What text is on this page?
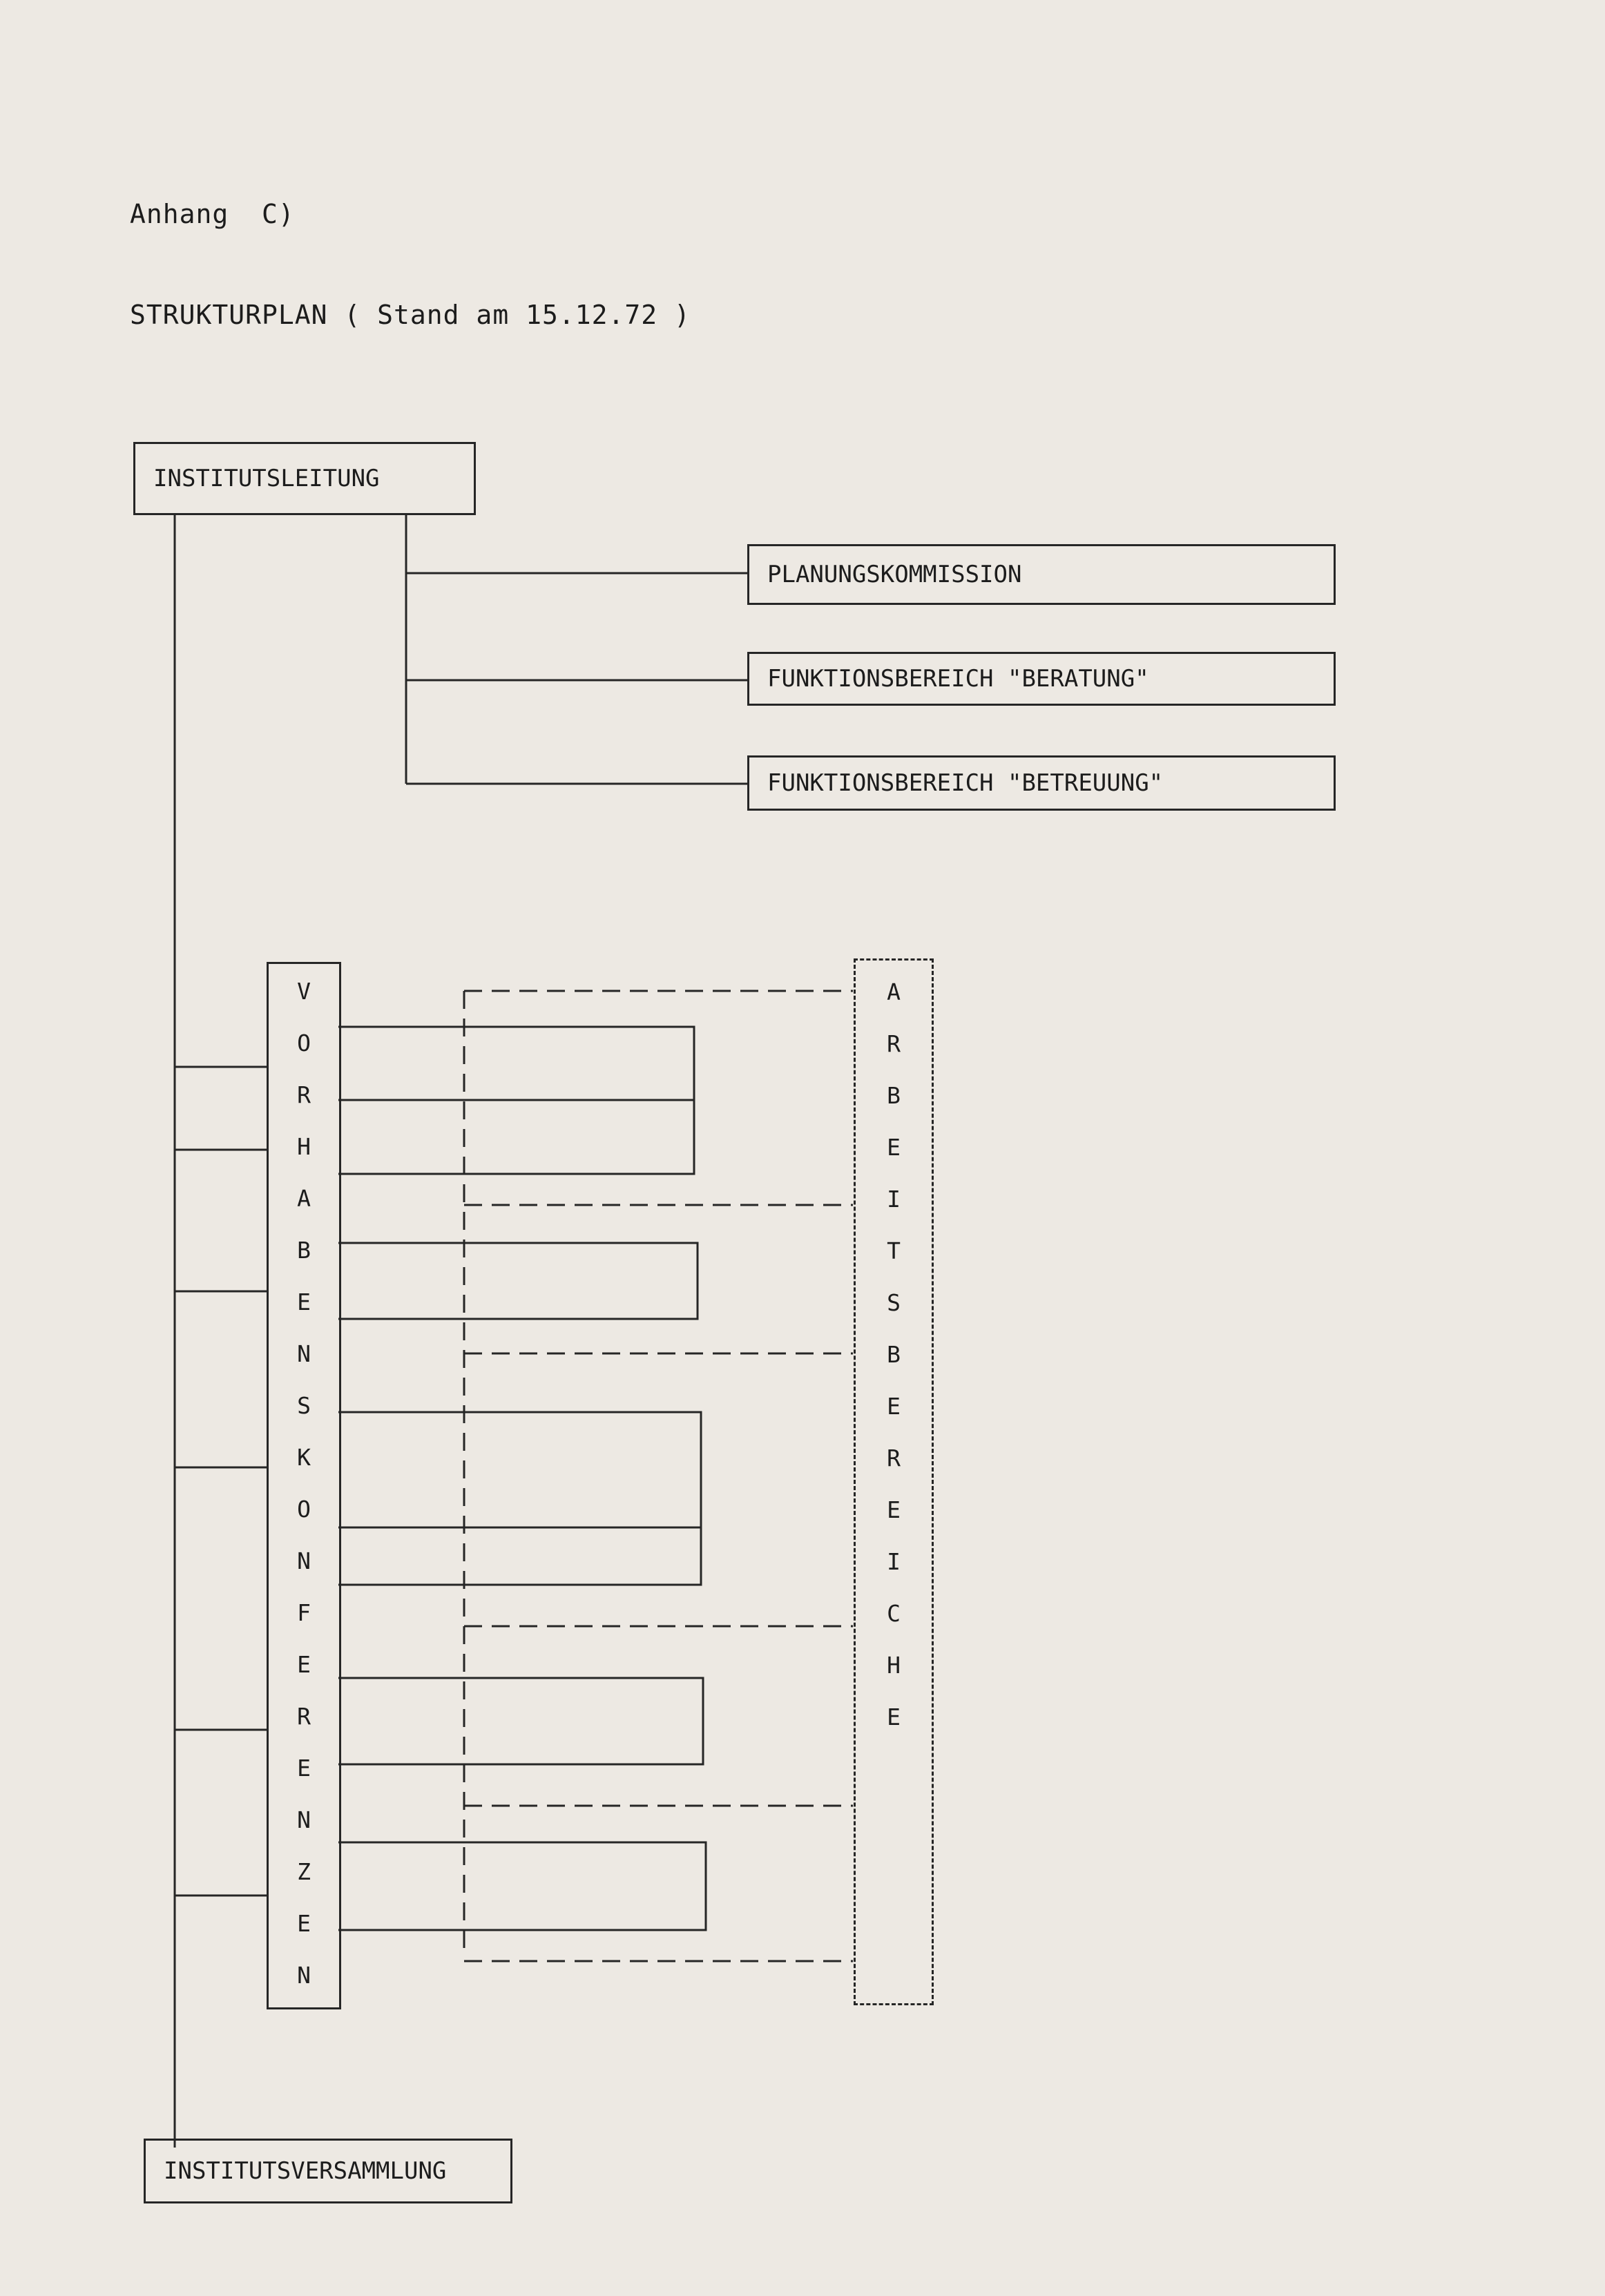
Anhang  C)
STRUKTURPLAN ( Stand am 15.12.72 )
INSTITUTSLEITUNG
PLANUNGSKOMMISSION
FUNKTIONSBEREICH "BERATUNG"
FUNKTIONSBEREICH "BETREUUNG"
INSTITUTSVERSAMMLUNG
V
O
R
H
A
B
E
N
S
K
O
N
F
E
R
E
N
Z
E
N
A
R
B
E
I
T
S
B
E
R
E
I
C
H
E
